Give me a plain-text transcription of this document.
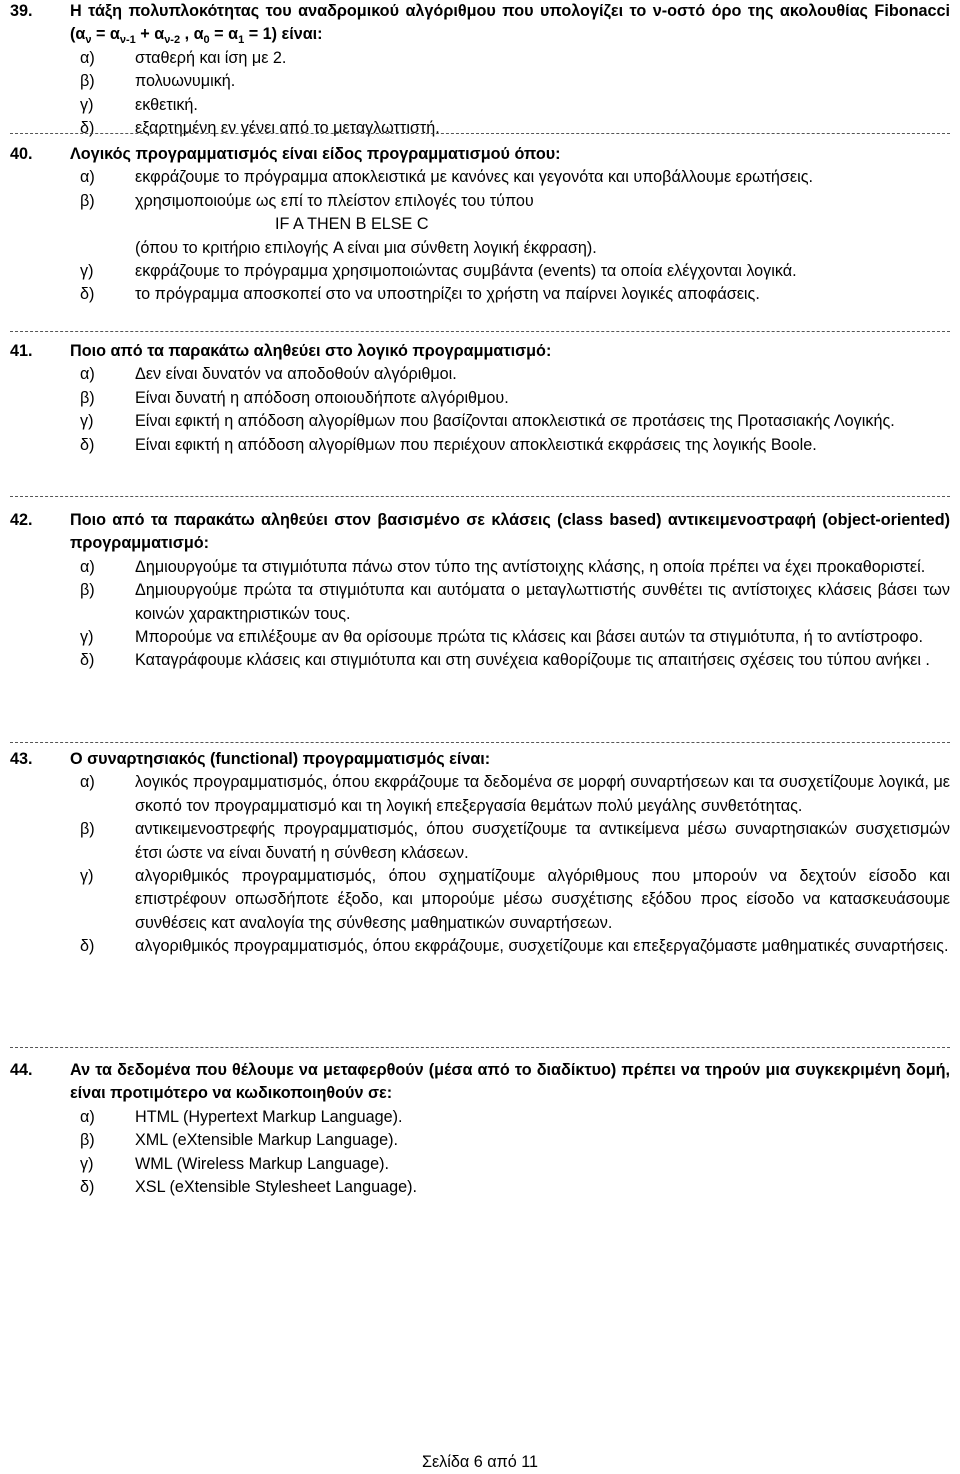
39.	Η τάξη πολυπλοκότητας του αναδρομικού αλγόριθμου που υπολογίζει το ν-οστό όρο της ακολουθίας Fibonacci ($\alpha_\nu = \alpha_{\nu-1} + \alpha_{\nu-2}$ , $\alpha_0 = \alpha_1 = 1$) είναι:
α)	σταθερή και ίση με 2.
β)	πολυωνυμική.
γ)	εκθετική.
δ)	εξαρτημένη εν γένει από το μεταγλωττιστή.
40.	Λογικός προγραμματισμός είναι είδος προγραμματισμού όπου:
α)	εκφράζουμε το πρόγραμμα αποκλειστικά με κανόνες και γεγονότα και υποβάλλουμε ερωτήσεις.
β)	χρησιμοποιούμε ως επί το πλείστον επιλογές του τύπου
IF A THEN B ELSE C
(όπου το κριτήριο επιλογής A είναι μια σύνθετη λογική έκφραση).
γ)	εκφράζουμε το πρόγραμμα χρησιμοποιώντας συμβάντα (events) τα οποία ελέγχονται λογικά.
δ)	το πρόγραμμα αποσκοπεί στο να υποστηρίζει το χρήστη να παίρνει λογικές αποφάσεις.
41.	Ποιο από τα παρακάτω αληθεύει στο λογικό προγραμματισμό:
α)	Δεν είναι δυνατόν να αποδοθούν αλγόριθμοι.
β)	Είναι δυνατή η απόδοση οποιουδήποτε αλγόριθμου.
γ)	Είναι εφικτή η απόδοση αλγορίθμων που βασίζονται αποκλειστικά σε προτάσεις της Προτασιακής Λογικής.
δ)	Είναι εφικτή η απόδοση αλγορίθμων που περιέχουν αποκλειστικά εκφράσεις της λογικής Boole.
42.	Ποιο από τα παρακάτω αληθεύει στον βασισμένο σε κλάσεις (class based) αντικειμενοστραφή (object-oriented) προγραμματισμό:
α)	Δημιουργούμε τα στιγμιότυπα πάνω στον τύπο της αντίστοιχης κλάσης, η οποία πρέπει να έχει προκαθοριστεί.
β)	Δημιουργούμε πρώτα τα στιγμιότυπα και αυτόματα ο μεταγλωττιστής συνθέτει τις αντίστοιχες κλάσεις βάσει των κοινών χαρακτηριστικών τους.
γ)	Μπορούμε να επιλέξουμε αν θα ορίσουμε πρώτα τις κλάσεις και βάσει αυτών τα στιγμιότυπα, ή το αντίστροφο.
δ)	Καταγράφουμε κλάσεις και στιγμιότυπα και στη συνέχεια καθορίζουμε τις απαιτήσεις σχέσεις του τύπου ανήκει .
43.	Ο συναρτησιακός (functional) προγραμματισμός είναι:
α)	λογικός προγραμματισμός, όπου εκφράζουμε τα δεδομένα σε μορφή συναρτήσεων και τα συσχετίζουμε λογικά, με σκοπό τον προγραμματισμό και τη λογική επεξεργασία θεμάτων πολύ μεγάλης συνθετότητας.
β)	αντικειμενοστρεφής προγραμματισμός, όπου συσχετίζουμε τα αντικείμενα μέσω συναρτησιακών συσχετισμών έτσι ώστε να είναι δυνατή η σύνθεση κλάσεων.
γ)	αλγοριθμικός προγραμματισμός, όπου σχηματίζουμε αλγόριθμους που μπορούν να δεχτούν είσοδο και επιστρέφουν οπωσδήποτε έξοδο, και μπορούμε μέσω συσχέτισης εξόδου προς είσοδο να κατασκευάσουμε συνθέσεις κατ αναλογία της σύνθεσης μαθηματικών συναρτήσεων.
δ)	αλγοριθμικός προγραμματισμός, όπου εκφράζουμε, συσχετίζουμε και επεξεργαζόμαστε μαθηματικές συναρτήσεις.
44.	Αν τα δεδομένα που θέλουμε να μεταφερθούν (μέσα από το διαδίκτυο) πρέπει να τηρούν μια συγκεκριμένη δομή, είναι προτιμότερο να κωδικοποιηθούν σε:
α)	HTML (Hypertext Markup Language).
β)	XML (eXtensible Markup Language).
γ)	WML (Wireless Markup Language).
δ)	XSL (eXtensible Stylesheet Language).
Σελίδα 6 από 11
